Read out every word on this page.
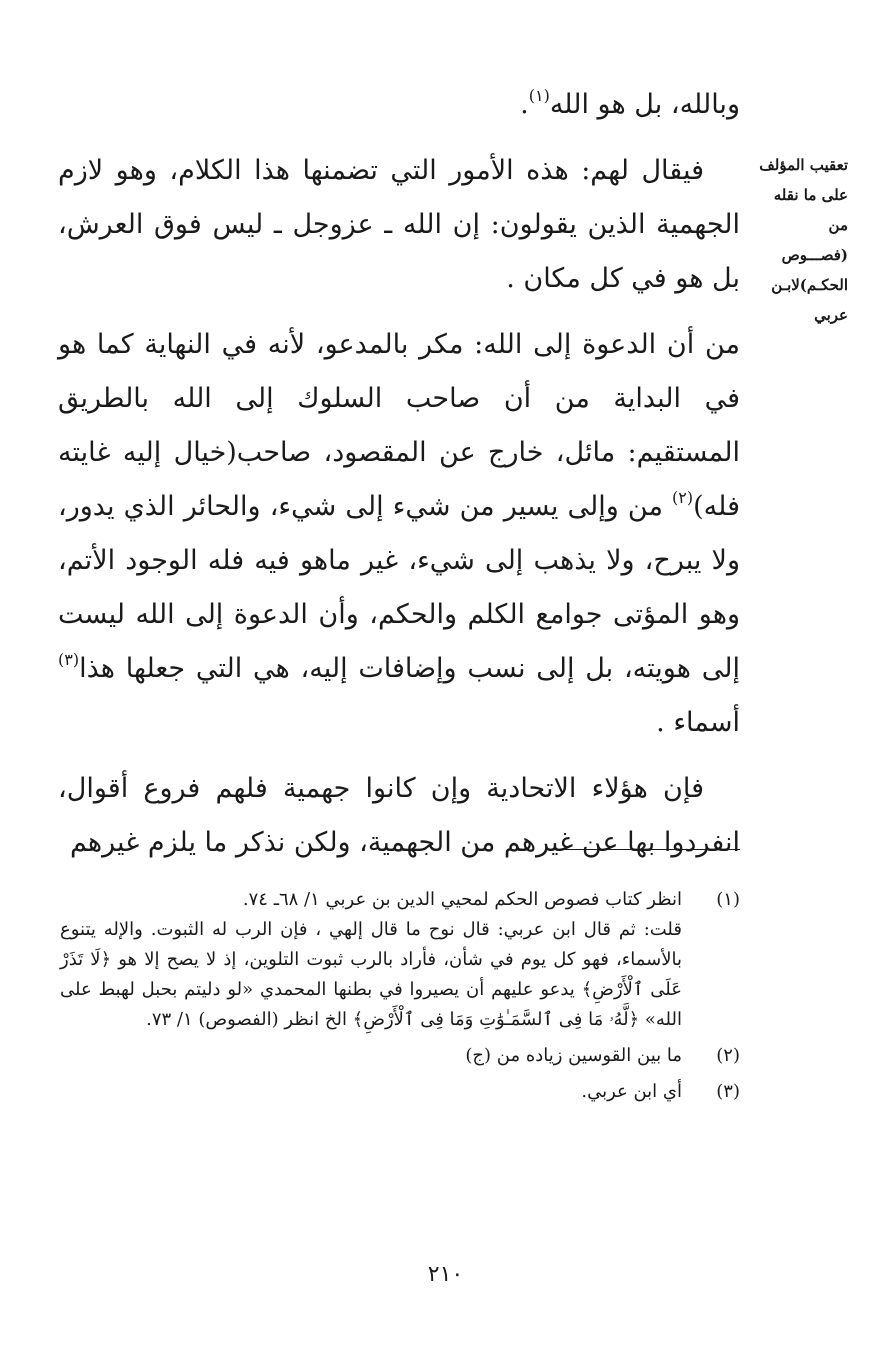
تعقيب المؤلف
على ما نقله من
(فصـــوص
الحكـم)لابـن
عربي

وبالله، بل هو الله$^{(١)}$.

فيقال لهم: هذه الأمور التي تضمنها هذا الكلام، وهو لازم الجهمية الذين يقولون: إن الله ـ عزوجل ـ ليس فوق العرش، بل هو في كل مكان .

من أن الدعوة إلى الله: مكر بالمدعو، لأنه في النهاية كما هو في البداية من أن صاحب السلوك إلى الله بالطريق المستقيم: مائل، خارج عن المقصود، صاحب(خيال إليه غايته فله)$^{(٢)}$ من وإلى يسير من شيء إلى شيء، والحائر الذي يدور، ولا يبرح، ولا يذهب إلى شيء، غير ماهو فيه فله الوجود الأتم، وهو المؤتى جوامع الكلم والحكم، وأن الدعوة إلى الله ليست إلى هويته، بل إلى نسب وإضافات إليه، هي التي جعلها هذا$^{(٣)}$ أسماء .

فإن هؤلاء الاتحادية وإن كانوا جهمية فلهم فروع أقوال، انفردوا بها عن غيرهم من الجهمية، ولكن نذكر ما يلزم غيرهم

(١)
انظر كتاب فصوص الحكم لمحيي الدين بن عربي ١/ ٦٨ـ ٧٤.
قلت: ثم قال ابن عربي: قال نوح ما قال إلهي ، فإن الرب له الثبوت. والإله يتنوع بالأسماء، فهو كل يوم في شأن، فأراد بالرب ثبوت التلوين، إذ لا يصح إلا هو ﴿لَا تَذَرْ عَلَى ٱلْأَرْضِ﴾ يدعو عليهم أن يصيروا في بطنها المحمدي «لو دليتم بحبل لهبط على الله» ﴿لَّهُۥ مَا فِى ٱلسَّمَـٰوَٰتِ وَمَا فِى ٱلْأَرْضِ﴾ الخ انظر (الفصوص) ١/ ٧٣.
(٢)
ما بين القوسين زياده من (ج)
(٣)
أي ابن عربي.
٢١٠
